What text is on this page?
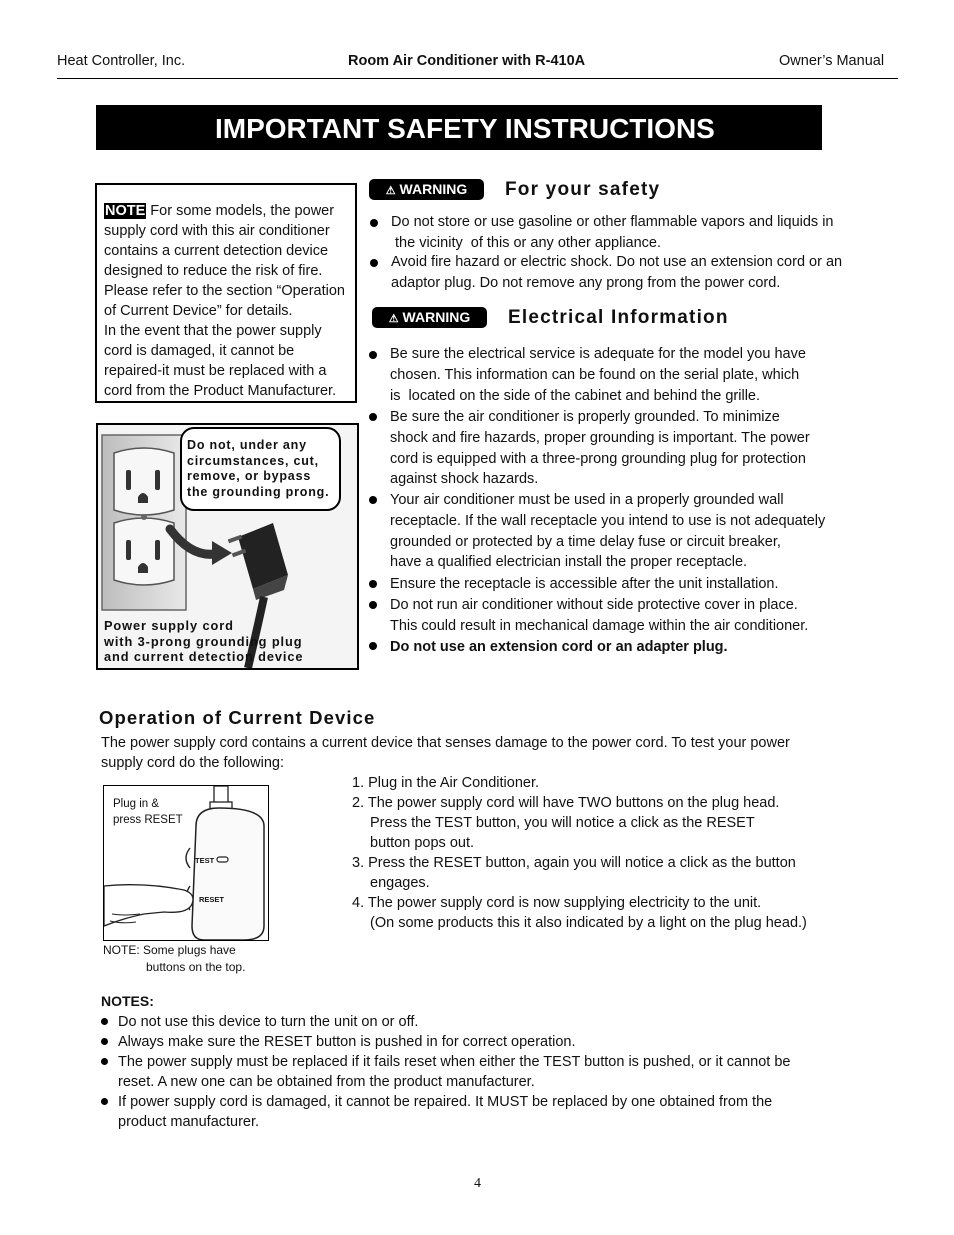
Heat Controller, Inc.	Room Air Conditioner with R-410A	Owner’s Manual
IMPORTANT SAFETY INSTRUCTIONS
NOTE For some models, the power
supply cord with this air conditioner
contains a current detection device
designed to reduce the risk of fire.
Please refer to the section “Operation
of Current Device” for details.
In the event that the power supply
cord is damaged, it cannot be
repaired-it must be replaced with a
cord from the Product Manufacturer.
⚠ WARNING	For your safety
Do not store or use gasoline or other flammable vapors and liquids in
the vicinity  of this or any other appliance.
Avoid fire hazard or electric shock. Do not use an extension cord or an
adaptor plug. Do not remove any prong from the power cord.
⚠ WARNING	Electrical Information
Be sure the electrical service is adequate for the model you have
chosen. This information can be found on the serial plate, which
is  located on the side of the cabinet and behind the grille.
Be sure the air conditioner is properly grounded. To minimize
shock and fire hazards, proper grounding is important. The power
cord is equipped with a three-prong grounding plug for protection
against shock hazards.
Your air conditioner must be used in a properly grounded wall
receptacle. If the wall receptacle you intend to use is not adequately
grounded or protected by a time delay fuse or circuit breaker,
have a qualified electrician install the proper receptacle.
Ensure the receptacle is accessible after the unit installation.
Do not run air conditioner without side protective cover in place.
This could result in mechanical damage within the air conditioner.
Do not use an extension cord or an adapter plug.
Do not, under any
circumstances, cut,
remove, or bypass
the grounding prong.
Power supply cord
with 3-prong grounding plug
and current detection device
Operation of Current Device
The power supply cord contains a current device that senses damage to the power cord. To test your power
supply cord do the following:
1. Plug in the Air Conditioner.
2. The power supply cord will have TWO buttons on the plug head.
Press the TEST button, you will notice a click as the RESET
button pops out.
3. Press the RESET button, again you will notice a click as the button
engages.
4. The power supply cord is now supplying electricity to the unit.
(On some products this it also indicated by a light on the plug head.)
Plug in &
press RESET
TEST
RESET
NOTE: Some plugs have
buttons on the top.
NOTES:
Do not use this device to turn the unit on or off.
Always make sure the RESET button is pushed in for correct operation.
The power supply must be replaced if it fails reset when either the TEST button is pushed, or it cannot be
reset. A new one can be obtained from the product manufacturer.
If power supply cord is damaged, it cannot be repaired. It MUST be replaced by one obtained from the
product manufacturer.
4
